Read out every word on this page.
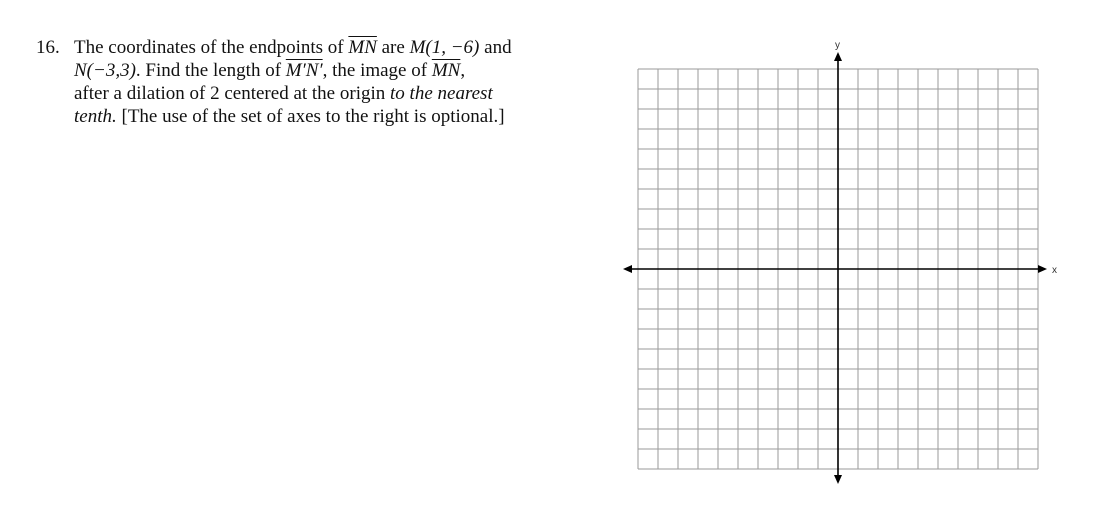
16. The coordinates of the endpoints of $\overline{MN}$ are M(1, −6) and
N(−3,3). Find the length of M′N′, the image of $\overline{MN}$,
after a dilation of 2 centered at the origin to the nearest
tenth. [The use of the set of axes to the right is optional.]
x
y
